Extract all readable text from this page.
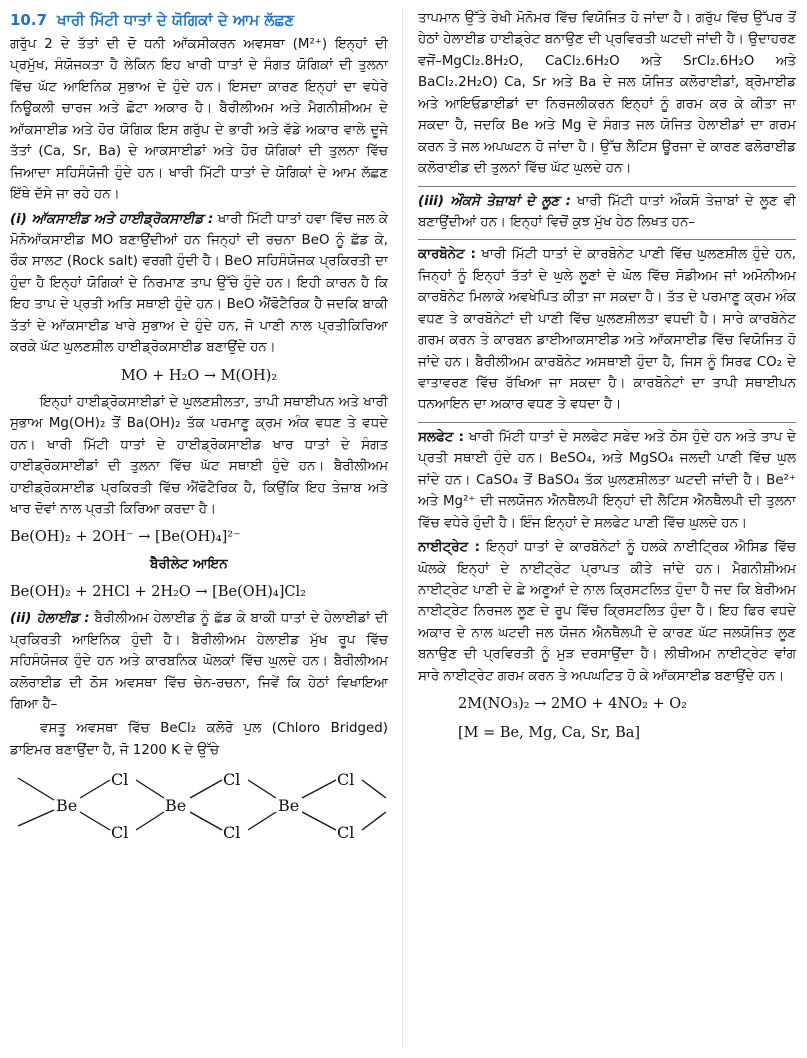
10.7 ਖਾਰੀ ਮਿੱਟੀ ਧਾਤਾਂ ਦੇ ਯੋਗਿਕਾਂ ਦੇ ਆਮ ਲੱਛਣ

ਗਰੁੱਪ 2 ਦੇ ਤੱਤਾਂ ਦੀ ਦੋ ਧਨੀ ਆੱਕਸੀਕਰਨ ਅਵਸਥਾ (M²⁺) ਇਨ੍ਹਾਂ ਦੀ ਪ੍ਰਮੁੱਖ, ਸੰਯੋਜਕਤਾ ਹੈ ਲੇਕਿਨ ਇਹ ਖਾਰੀ ਧਾਤਾਂ ਦੇ ਸੰਗਤ ਯੋਗਿਕਾਂ ਦੀ ਤੁਲਨਾ ਵਿੱਚ ਘੱਟ ਆਇਨਿਕ ਸੁਭਾਅ ਦੇ ਹੁੰਦੇ ਹਨ। ਇਸਦਾ ਕਾਰਣ ਇਨ੍ਹਾਂ ਦਾ ਵਧੇਰੇ ਨਿਊਕਲੀ ਚਾਰਜ ਅਤੇ ਛੋਟਾ ਅਕਾਰ ਹੈ। ਬੈਰੀਲੀਅਮ ਅਤੇ ਮੈਗਨੀਸ਼ੀਅਮ ਦੇ ਆੱਕਸਾਈਡ ਅਤੇ ਹੋਰ ਯੋਗਿਕ ਇਸ ਗਰੁੱਪ ਦੇ ਭਾਰੀ ਅਤੇ ਵੱਡੇ ਅਕਾਰ ਵਾਲੇ ਦੂਜੇ ਤੱਤਾਂ (Ca, Sr, Ba) ਦੇ ਆਕਸਾਈਡਾਂ ਅਤੇ ਹੋਰ ਯੋਗਿਕਾਂ ਦੀ ਤੁਲਨਾ ਵਿੱਚ ਜਿਆਦਾ ਸਹਿਸੰਯੋਜੀ ਹੁੰਦੇ ਹਨ। ਖਾਰੀ ਮਿੱਟੀ ਧਾਤਾਂ ਦੇ ਯੋਗਿਕਾਂ ਦੇ ਆਮ ਲੱਛਣ ਇੱਥੇ ਦੱਸੇ ਜਾ ਰਹੇ ਹਨ।

(i) ਆੱਕਸਾਈਡ ਅਤੇ ਹਾਈਡ੍ਰੋਕਸਾਈਡ : ਖਾਰੀ ਮਿੱਟੀ ਧਾਤਾਂ ਹਵਾ ਵਿੱਚ ਜਲ ਕੇ ਮੋਨੋਆੱਕਸਾਈਡ MO ਬਣਾਉਂਦੀਆਂ ਹਨ ਜਿਨ੍ਹਾਂ ਦੀ ਰਚਨਾ BeO ਨੂੰ ਛੱਡ ਕੇ, ਰੌਕ ਸਾਲਟ (Rock salt) ਵਰਗੀ ਹੁੰਦੀ ਹੈ। BeO ਸਹਿਸੰਯੋਜਕ ਪ੍ਰਕਿਰਤੀ ਦਾ ਹੁੰਦਾ ਹੈ ਇਨ੍ਹਾਂ ਯੋਗਿਕਾਂ ਦੇ ਨਿਰਮਾਣ ਤਾਪ ਉੱਚੇ ਹੁੰਦੇ ਹਨ। ਇਹੀ ਕਾਰਨ ਹੈ ਕਿ ਇਹ ਤਾਪ ਦੇ ਪ੍ਰਤੀ ਅਤਿ ਸਥਾਈ ਹੁੰਦੇ ਹਨ। BeO ਐਂਫੋਟੈਰਿਕ ਹੈ ਜਦਕਿ ਬਾਕੀ ਤੱਤਾਂ ਦੇ ਆੱਕਸਾਈਡ ਖਾਰੇ ਸੁਭਾਅ ਦੇ ਹੁੰਦੇ ਹਨ, ਜੋ ਪਾਣੀ ਨਾਲ ਪ੍ਰਤੀਕਿਰਿਆ ਕਰਕੇ ਘੱਟ ਘੁਲਣਸ਼ੀਲ ਹਾਈਡ੍ਰੋਕਸਾਈਡ ਬਣਾਉਂਦੇ ਹਨ।

MO + H₂O → M(OH)₂

ਇਨ੍ਹਾਂ ਹਾਈਡ੍ਰੋਕਸਾਈਡਾਂ ਦੇ ਘੁਲਣਸ਼ੀਲਤਾ, ਤਾਪੀ ਸਥਾਈਪਨ ਅਤੇ ਖਾਰੀ ਸੁਭਾਅ Mg(OH)₂ ਤੋਂ Ba(OH)₂ ਤੱਕ ਪਰਮਾਣੂ ਕ੍ਰਮ ਅੰਕ ਵਧਣ ਤੇ ਵਧਦੇ ਹਨ। ਖਾਰੀ ਮਿੱਟੀ ਧਾਤਾਂ ਦੇ ਹਾਈਡ੍ਰੋਕਸਾਈਡ ਖਾਰ ਧਾਤਾਂ ਦੇ ਸੰਗਤ ਹਾਈਡ੍ਰੋਕਸਾਈਡਾਂ ਦੀ ਤੁਲਨਾ ਵਿੱਚ ਘੱਟ ਸਥਾਈ ਹੁੰਦੇ ਹਨ। ਬੈਰੀਲੀਅਮ ਹਾਈਡ੍ਰੋਕਸਾਈਡ ਪ੍ਰਕਿਰਤੀ ਵਿੱਚ ਐਂਫੋਟੈਰਿਕ ਹੈ, ਕਿਉਂਕਿ ਇਹ ਤੇਜ਼ਾਬ ਅਤੇ ਖਾਰ ਦੋਵਾਂ ਨਾਲ ਪ੍ਰਤੀ ਕਿਰਿਆ ਕਰਦਾ ਹੈ।

Be(OH)₂ + 2OH⁻ → [Be(OH)₄]²⁻
ਬੈਰੀਲੇਟ ਆਇਨ
Be(OH)₂ + 2HCl + 2H₂O → [Be(OH)₄]Cl₂

(ii) ਹੇਲਾਈਡ : ਬੈਰੀਲੀਅਮ ਹੇਲਾਈਡ ਨੂੰ ਛੱਡ ਕੇ ਬਾਕੀ ਧਾਤਾਂ ਦੇ ਹੇਲਾਈਡਾਂ ਦੀ ਪ੍ਰਕਿਰਤੀ ਆਇਨਿਕ ਹੁੰਦੀ ਹੈ। ਬੈਰੀਲੀਅਮ ਹੇਲਾਈਡ ਮੁੱਖ ਰੂਪ ਵਿੱਚ ਸਹਿਸੰਯੋਜਕ ਹੁੰਦੇ ਹਨ ਅਤੇ ਕਾਰਬਨਿਕ ਘੋਲਕਾਂ ਵਿੱਚ ਘੁਲਦੇ ਹਨ। ਬੈਰੀਲੀਅਮ ਕਲੋਰਾਈਡ ਦੀ ਠੋਸ ਅਵਸਥਾ ਵਿੱਚ ਚੇਨ-ਰਚਨਾ, ਜਿਵੇਂ ਕਿ ਹੇਠਾਂ ਵਿਖਾਇਆ ਗਿਆ ਹੈ–

ਵਸਤੂ ਅਵਸਥਾ ਵਿੱਚ BeCl₂ ਕਲੋਰੋ ਪੁਲ (Chloro Bridged) ਡਾਇਮਰ ਬਣਾਉਂਦਾ ਹੈ, ਜੋ 1200 K ਦੇ ਉੱਚੇ

Be
Cl
Cl
Be
Cl
Cl
Be
Cl
Cl

ਤਾਪਮਾਨ ਉੱਤੇ ਰੇਖੀ ਮੋਨੋਮਰ ਵਿੱਚ ਵਿਯੋਜਿਤ ਹੋ ਜਾਂਦਾ ਹੈ। ਗਰੁੱਪ ਵਿੱਚ ਉੱਪਰ ਤੋਂ ਹੇਠਾਂ ਹੇਲਾਈਡ ਹਾਈਡ੍ਰੇਟ ਬਨਾਉਣ ਦੀ ਪ੍ਰਵਿਰਤੀ ਘਟਦੀ ਜਾਂਦੀ ਹੈ। ਉਦਾਹਰਣ ਵਜੋਂ–MgCl₂.8H₂O, CaCl₂.6H₂O ਅਤੇ SrCl₂.6H₂O ਅਤੇ BaCl₂.2H₂O) Ca, Sr ਅਤੇ Ba ਦੇ ਜਲ ਯੋਜਿਤ ਕਲੋਰਾਈਡਾਂ, ਬ੍ਰੋਮਾਈਡ ਅਤੇ ਆਇਓਡਾਈਡਾਂ ਦਾ ਨਿਰਜਲੀਕਰਨ ਇਨ੍ਹਾਂ ਨੂੰ ਗਰਮ ਕਰ ਕੇ ਕੀਤਾ ਜਾ ਸਕਦਾ ਹੈ, ਜਦਕਿ Be ਅਤੇ Mg ਦੇ ਸੰਗਤ ਜਲ ਯੋਜਿਤ ਹੇਲਾਈਡਾਂ ਦਾ ਗਰਮ ਕਰਨ ਤੇ ਜਲ ਅਪਘਟਨ ਹੋ ਜਾਂਦਾ ਹੈ। ਉੱਚ ਲੈਟਿਸ ਊਰਜਾ ਦੇ ਕਾਰਣ ਫਲੋਰਾਈਡ ਕਲੋਰਾਈਡ ਦੀ ਤੁਲਨਾਂ ਵਿੱਚ ਘੱਟ ਘੁਲਦੇ ਹਨ।

(iii) ਔਕਸੋ ਤੇਜ਼ਾਬਾਂ ਦੇ ਲੂਣ : ਖਾਰੀ ਮਿੱਟੀ ਧਾਤਾਂ ਔਕਸੋ ਤੇਜ਼ਾਬਾਂ ਦੇ ਲੂਣ ਵੀ ਬਣਾਉਂਦੀਆਂ ਹਨ। ਇਨ੍ਹਾਂ ਵਿਚੋਂ ਕੁਝ ਮੁੱਖ ਹੇਠ ਲਿਖਤ ਹਨ–

ਕਾਰਬੋਨੇਟ : ਖਾਰੀ ਮਿੱਟੀ ਧਾਤਾਂ ਦੇ ਕਾਰਬੋਨੇਟ ਪਾਣੀ ਵਿੱਚ ਘੁਲਣਸ਼ੀਲ ਹੁੰਦੇ ਹਨ, ਜਿਨ੍ਹਾਂ ਨੂੰ ਇਨ੍ਹਾਂ ਤੱਤਾਂ ਦੇ ਘੁਲੇ ਲੂਣਾਂ ਦੇ ਘੋਲ ਵਿੱਚ ਸੋਡੀਅਮ ਜਾਂ ਅਮੋਨੀਅਮ ਕਾਰਬੋਨੇਟ ਮਿਲਾਕੇ ਅਵਖੇਪਿਤ ਕੀਤਾ ਜਾ ਸਕਦਾ ਹੈ। ਤੱਤ ਦੇ ਪਰਮਾਣੂ ਕ੍ਰਮ ਅੰਕ ਵਧਣ ਤੇ ਕਾਰਬੋਨੇਟਾਂ ਦੀ ਪਾਣੀ ਵਿੱਚ ਘੁਲਣਸ਼ੀਲਤਾ ਵਧਦੀ ਹੈ। ਸਾਰੇ ਕਾਰਬੋਨੇਟ ਗਰਮ ਕਰਨ ਤੇ ਕਾਰਬਨ ਡਾਈਆਕਸਾਈਡ ਅਤੇ ਆੱਕਸਾਈਡ ਵਿੱਚ ਵਿਯੋਜਿਤ ਹੋ ਜਾਂਦੇ ਹਨ। ਬੈਰੀਲੀਅਮ ਕਾਰਬੋਨੇਟ ਅਸਥਾਈ ਹੁੰਦਾ ਹੈ, ਜਿਸ ਨੂੰ ਸਿਰਫ CO₂ ਦੇ ਵਾਤਾਵਰਣ ਵਿੱਚ ਰੱਖਿਆ ਜਾ ਸਕਦਾ ਹੈ। ਕਾਰਬੋਨੇਟਾਂ ਦਾ ਤਾਪੀ ਸਥਾਈਪਨ ਧਨਆਇਨ ਦਾ ਅਕਾਰ ਵਧਣ ਤੇ ਵਧਦਾ ਹੈ।

ਸਲਫੇਟ : ਖਾਰੀ ਮਿੱਟੀ ਧਾਤਾਂ ਦੇ ਸਲਫੇਟ ਸਫੇਦ ਅਤੇ ਠੋਸ ਹੁੰਦੇ ਹਨ ਅਤੇ ਤਾਪ ਦੇ ਪ੍ਰਤੀ ਸਥਾਈ ਹੁੰਦੇ ਹਨ। BeSO₄, ਅਤੇ MgSO₄ ਜਲਦੀ ਪਾਣੀ ਵਿੱਚ ਘੁਲ ਜਾਂਦੇ ਹਨ। CaSO₄ ਤੋਂ BaSO₄ ਤੱਕ ਘੁਲਣਸ਼ੀਲਤਾ ਘਟਦੀ ਜਾਂਦੀ ਹੈ। Be²⁺ ਅਤੇ Mg²⁺ ਦੀ ਜਲਯੋਜਨ ਐਨਥੈਲਪੀ ਇਨ੍ਹਾਂ ਦੀ ਲੈਟਿਸ ਐਨਥੈਲਪੀ ਦੀ ਤੁਲਨਾ ਵਿੱਚ ਵਧੇਰੇ ਹੁੰਦੀ ਹੈ। ਇੰਜ ਇਨ੍ਹਾਂ ਦੇ ਸਲਫੇਟ ਪਾਣੀ ਵਿੱਚ ਘੁਲਦੇ ਹਨ।

ਨਾਈਟ੍ਰੇਟ : ਇਨ੍ਹਾਂ ਧਾਤਾਂ ਦੇ ਕਾਰਬੋਨੇਟਾਂ ਨੂੰ ਹਲਕੇ ਨਾਈਟ੍ਰਿਕ ਐਸਿਡ ਵਿੱਚ ਘੋਲਕੇ ਇਨ੍ਹਾਂ ਦੇ ਨਾਈਟ੍ਰੇਟ ਪ੍ਰਾਪਤ ਕੀਤੇ ਜਾਂਦੇ ਹਨ। ਮੈਗਨੀਸ਼ੀਅਮ ਨਾਈਟ੍ਰੇਟ ਪਾਣੀ ਦੇ ਛੇ ਅਣੂਆਂ ਦੇ ਨਾਲ ਕ੍ਰਿਸਟਲਿਤ ਹੁੰਦਾ ਹੈ ਜਦ ਕਿ ਬੇਰੀਅਮ ਨਾਈਟ੍ਰੇਟ ਨਿਰਜਲ ਲੂਣ ਦੇ ਰੂਪ ਵਿੱਚ ਕ੍ਰਿਸਟਲਿਤ ਹੁੰਦਾ ਹੈ। ਇਹ ਫਿਰ ਵਧਦੇ ਅਕਾਰ ਦੇ ਨਾਲ ਘਟਦੀ ਜਲ ਯੋਜਨ ਐਨਥੈਲਪੀ ਦੇ ਕਾਰਣ ਘੱਟ ਜਲਯੋਜਿਤ ਲੂਣ ਬਨਾਉਣ ਦੀ ਪ੍ਰਵਿਰਤੀ ਨੂੰ ਮੁੜ ਦਰਸਾਉਂਦਾ ਹੈ। ਲੀਥੀਅਮ ਨਾਈਟ੍ਰੇਟ ਵਾਂਗ ਸਾਰੇ ਨਾਈਟ੍ਰੇਟ ਗਰਮ ਕਰਨ ਤੇ ਅਪਘਟਿਤ ਹੋ ਕੇ ਆੱਕਸਾਈਡ ਬਣਾਉਂਦੇ ਹਨ।

2M(NO₃)₂ → 2MO + 4NO₂ + O₂
[M = Be, Mg, Ca, Sr, Ba]
